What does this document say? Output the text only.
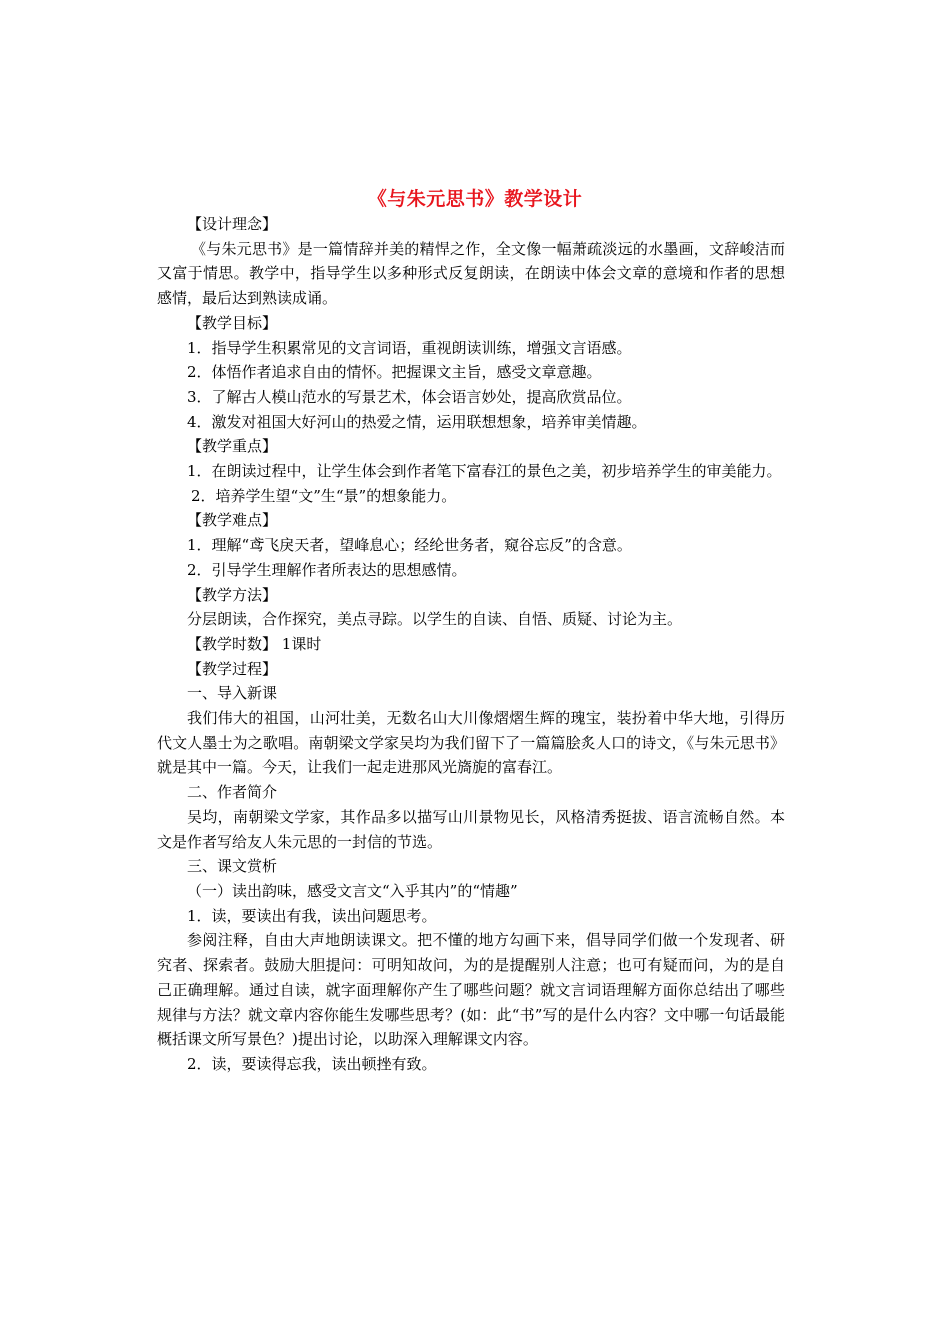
《与朱元思书》教学设计

【设计理念】

《与朱元思书》是一篇情辞并美的精悍之作，全文像一幅萧疏淡远的水墨画，文辞峻洁而又富于情思。教学中，指导学生以多种形式反复朗读，在朗读中体会文章的意境和作者的思想感情，最后达到熟读成诵。

【教学目标】

1．指导学生积累常见的文言词语，重视朗读训练，增强文言语感。

2．体悟作者追求自由的情怀。把握课文主旨，感受文章意趣。

3．了解古人模山范水的写景艺术，体会语言妙处，提高欣赏品位。

4．激发对祖国大好河山的热爱之情，运用联想想象，培养审美情趣。

【教学重点】

1．在朗读过程中，让学生体会到作者笔下富春江的景色之美，初步培养学生的审美能力。

2．培养学生望“文”生“景”的想象能力。

【教学难点】

1．理解“鸢飞戾天者，望峰息心；经纶世务者，窥谷忘反”的含意。

2．引导学生理解作者所表达的思想感情。

【教学方法】

分层朗读，合作探究，美点寻踪。以学生的自读、自悟、质疑、讨论为主。

【教学时数】 1课时

【教学过程】

一、导入新课

我们伟大的祖国，山河壮美，无数名山大川像熠熠生辉的瑰宝，装扮着中华大地，引得历代文人墨士为之歌唱。南朝梁文学家吴均为我们留下了一篇篇脍炙人口的诗文，《与朱元思书》就是其中一篇。今天，让我们一起走进那风光旖旎的富春江。

二、作者简介

吴均，南朝梁文学家，其作品多以描写山川景物见长，风格清秀挺拔、语言流畅自然。本文是作者写给友人朱元思的一封信的节选。

三、课文赏析

（一）读出韵味，感受文言文“入乎其内”的“情趣”

1．读，要读出有我，读出问题思考。

参阅注释，自由大声地朗读课文。把不懂的地方勾画下来，倡导同学们做一个发现者、研究者、探索者。鼓励大胆提问：可明知故问，为的是提醒别人注意；也可有疑而问，为的是自己正确理解。通过自读，就字面理解你产生了哪些问题？就文言词语理解方面你总结出了哪些规律与方法？就文章内容你能生发哪些思考？(如：此“书”写的是什么内容？文中哪一句话最能概括课文所写景色？)提出讨论，以助深入理解课文内容。

2．读，要读得忘我，读出顿挫有致。
